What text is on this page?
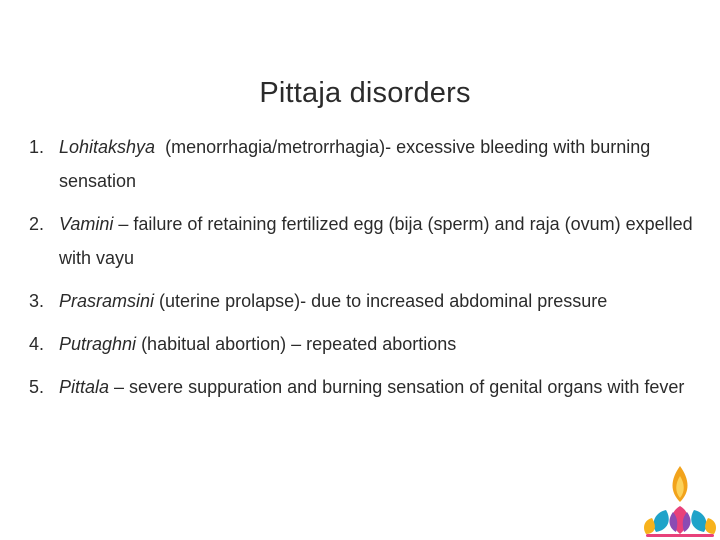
Pittaja disorders
1. Lohitakshya  (menorrhagia/metrorrhagia)- excessive bleeding with burning sensation
2. Vamini – failure of retaining fertilized egg (bija (sperm) and raja (ovum) expelled with vayu
3. Prasramsini (uterine prolapse)- due to increased abdominal pressure
4. Putraghni (habitual abortion) – repeated abortions
5. Pittala – severe suppuration and burning sensation of genital organs with fever
